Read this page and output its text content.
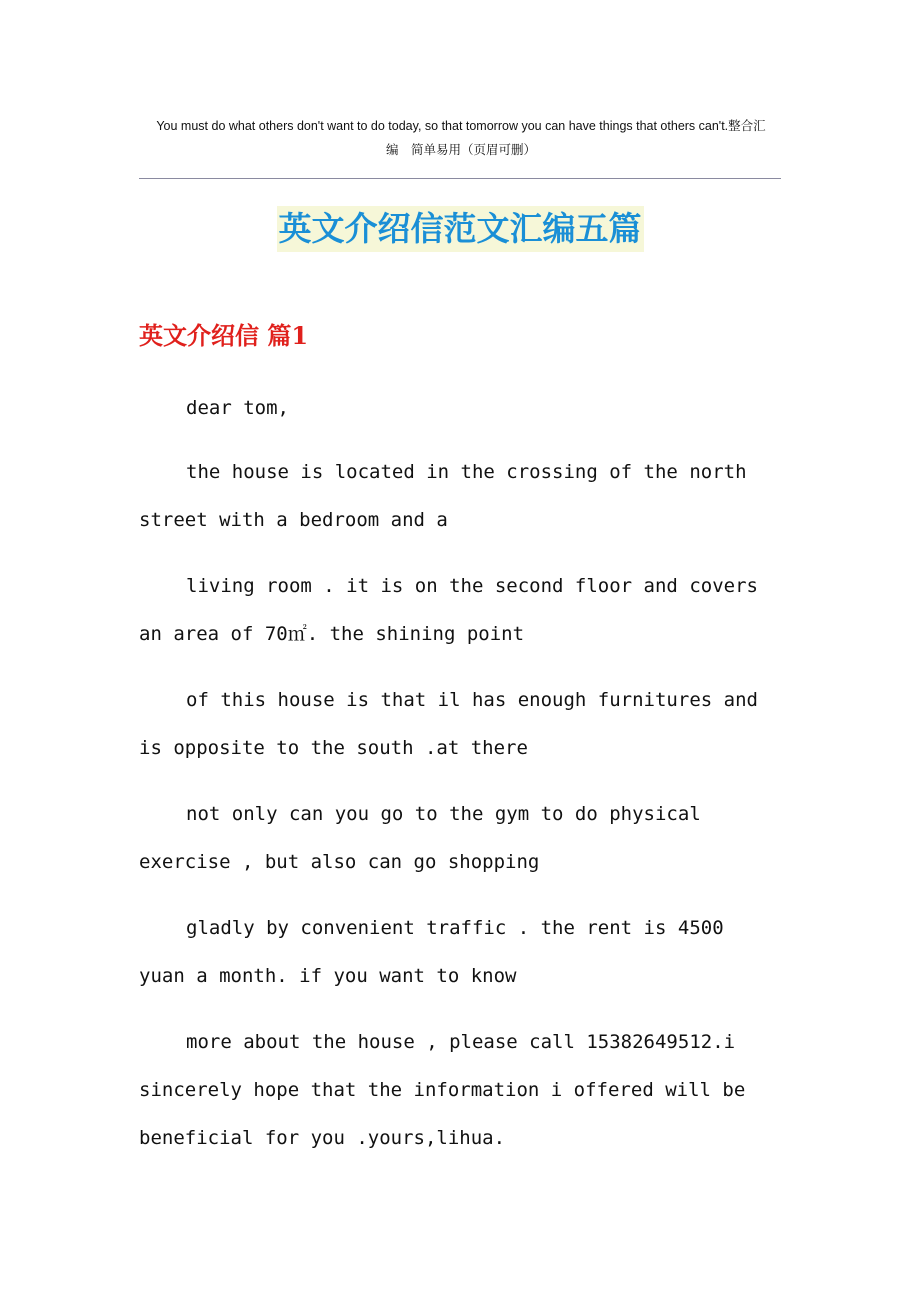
You must do what others don't want to do today, so that tomorrow you can have things that others can't.整合汇
编　简单易用（页眉可删）
英文介绍信范文汇编五篇
英文介绍信 篇1

dear tom,

the house is located in the crossing of the north street with a bedroom and a

living room . it is on the second floor and covers an area of 70㎡. the shining point

of this house is that il has enough furnitures and is opposite to the south .at there

not only can you go to the gym to do physical exercise , but also can go shopping

gladly by convenient traffic . the rent is 4500 yuan a month. if you want to know

more about the house , please call 15382649512.i sincerely hope that the information i offered will be beneficial for you .yours,lihua.
